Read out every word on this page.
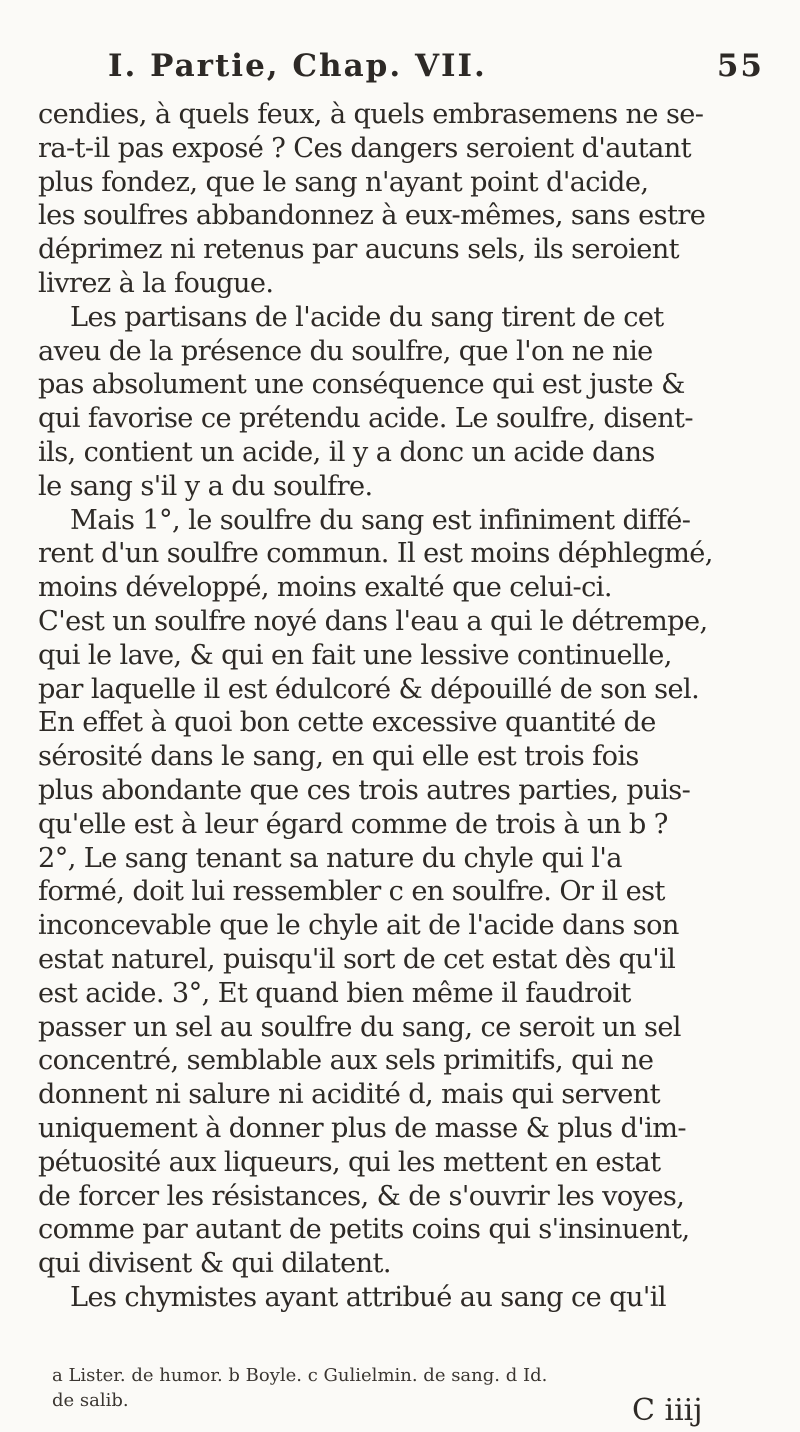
I. Partie, Chap. VII.	55
cendies, à quels feux, à quels embrasemens ne se-
ra-t-il pas exposé ? Ces dangers seroient d'autant
plus fondez, que le sang n'ayant point d'acide,
les soulfres abbandonnez à eux-mêmes, sans estre
déprimez ni retenus par aucuns sels, ils seroient
livrez à la fougue.
Les partisans de l'acide du sang tirent de cet
aveu de la présence du soulfre, que l'on ne nie
pas absolument une conséquence qui est juste &
qui favorise ce prétendu acide. Le soulfre, disent-
ils, contient un acide, il y a donc un acide dans
le sang s'il y a du soulfre.
Mais 1°, le soulfre du sang est infiniment diffé-
rent d'un soulfre commun. Il est moins déphlegmé,
moins développé, moins exalté que celui-ci.
C'est un soulfre noyé dans l'eau a qui le détrempe,
qui le lave, & qui en fait une lessive continuelle,
par laquelle il est édulcoré & dépouillé de son sel.
En effet à quoi bon cette excessive quantité de
sérosité dans le sang, en qui elle est trois fois
plus abondante que ces trois autres parties, puis-
qu'elle est à leur égard comme de trois à un b ?
2°, Le sang tenant sa nature du chyle qui l'a
formé, doit lui ressembler c en soulfre. Or il est
inconcevable que le chyle ait de l'acide dans son
estat naturel, puisqu'il sort de cet estat dès qu'il
est acide. 3°, Et quand bien même il faudroit
passer un sel au soulfre du sang, ce seroit un sel
concentré, semblable aux sels primitifs, qui ne
donnent ni salure ni acidité d, mais qui servent
uniquement à donner plus de masse & plus d'im-
pétuosité aux liqueurs, qui les mettent en estat
de forcer les résistances, & de s'ouvrir les voyes,
comme par autant de petits coins qui s'insinuent,
qui divisent & qui dilatent.
Les chymistes ayant attribué au sang ce qu'il
a Lister. de humor. b Boyle. c Gulielmin. de sang. d Id.
de salib.	C iiij
